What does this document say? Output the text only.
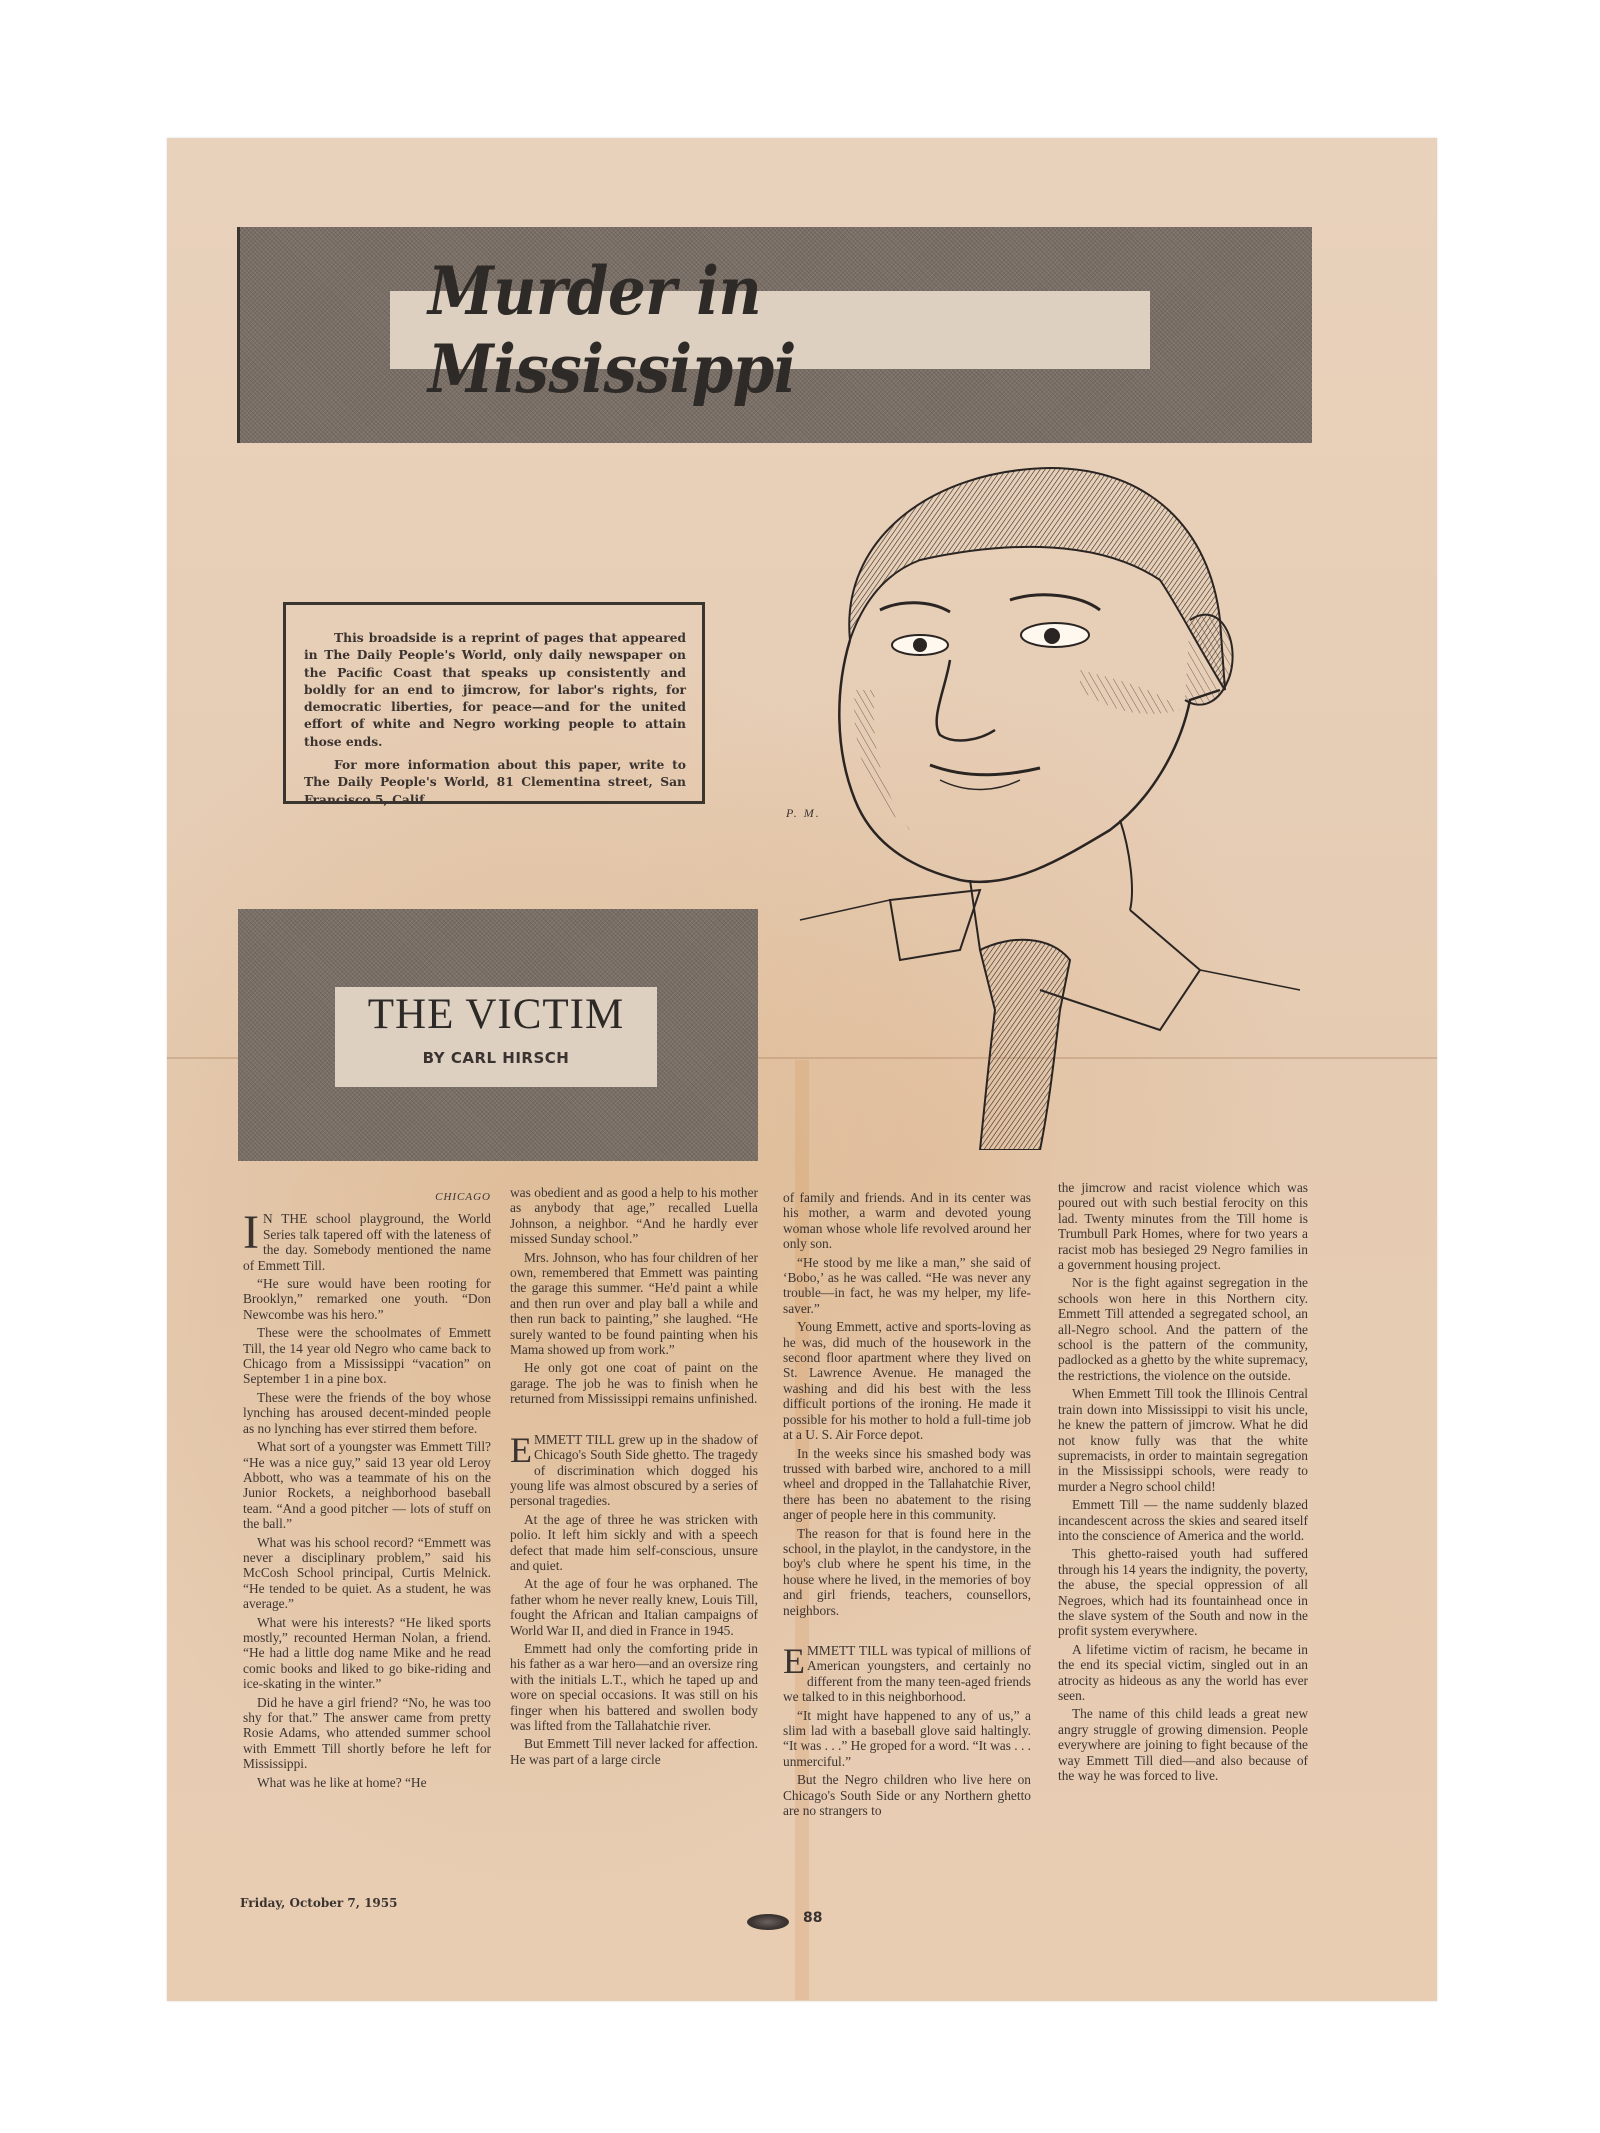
Murder in Mississippi

This broadside is a reprint of pages that appeared in The Daily People's World, only daily newspaper on the Pacific Coast that speaks up consistently and boldly for an end to jimcrow, for labor's rights, for democratic liberties, for peace—and for the united effort of white and Negro working people to attain those ends.

For more information about this paper, write to The Daily People's World, 81 Clementina street, San Francisco 5, Calif.

P. M.
THE VICTIM
BY CARL HIRSCH
CHICAGO

I N THE school playground, the World Series talk tapered off with the lateness of the day. Somebody mentioned the name of Emmett Till.

“He sure would have been rooting for Brooklyn,” remarked one youth. “Don Newcombe was his hero.”

These were the schoolmates of Emmett Till, the 14 year old Negro who came back to Chicago from a Mississippi “vacation” on September 1 in a pine box.

These were the friends of the boy whose lynching has aroused decent-minded people as no lynching has ever stirred them before.

What sort of a youngster was Emmett Till? “He was a nice guy,” said 13 year old Leroy Abbott, who was a teammate of his on the Junior Rockets, a neighborhood baseball team. “And a good pitcher — lots of stuff on the ball.”

What was his school record? “Emmett was never a disciplinary problem,” said his McCosh School principal, Curtis Melnick. “He tended to be quiet. As a student, he was average.”

What were his interests? “He liked sports mostly,” recounted Herman Nolan, a friend. “He had a little dog name Mike and he read comic books and liked to go bike-riding and ice-skating in the winter.”

Did he have a girl friend? “No, he was too shy for that.” The answer came from pretty Rosie Adams, who attended summer school with Emmett Till shortly before he left for Mississippi.

What was he like at home? “He

was obedient and as good a help to his mother as anybody that age,” recalled Luella Johnson, a neighbor. “And he hardly ever missed Sunday school.”

Mrs. Johnson, who has four children of her own, remembered that Emmett was painting the garage this summer. “He'd paint a while and then run over and play ball a while and then run back to painting,” she laughed. “He surely wanted to be found painting when his Mama showed up from work.”

He only got one coat of paint on the garage. The job he was to finish when he returned from Mississippi remains unfinished.

EMMETT TILL grew up in the shadow of Chicago's South Side ghetto. The tragedy of discrimination which dogged his young life was almost obscured by a series of personal tragedies.

At the age of three he was stricken with polio. It left him sickly and with a speech defect that made him self-conscious, unsure and quiet.

At the age of four he was orphaned. The father whom he never really knew, Louis Till, fought the African and Italian campaigns of World War II, and died in France in 1945.

Emmett had only the comforting pride in his father as a war hero—and an oversize ring with the initials L.T., which he taped up and wore on special occasions. It was still on his finger when his battered and swollen body was lifted from the Tallahatchie river.

But Emmett Till never lacked for affection. He was part of a large circle

of family and friends. And in its center was his mother, a warm and devoted young woman whose whole life revolved around her only son.

“He stood by me like a man,” she said of ‘Bobo,’ as he was called. “He was never any trouble—in fact, he was my helper, my life-saver.”

Young Emmett, active and sports-loving as he was, did much of the housework in the second floor apartment where they lived on St. Lawrence Avenue. He managed the washing and did his best with the less difficult portions of the ironing. He made it possible for his mother to hold a full-time job at a U. S. Air Force depot.

In the weeks since his smashed body was trussed with barbed wire, anchored to a mill wheel and dropped in the Tallahatchie River, there has been no abatement to the rising anger of people here in this community.

The reason for that is found here in the school, in the playlot, in the candystore, in the boy's club where he spent his time, in the house where he lived, in the memories of boy and girl friends, teachers, counsellors, neighbors.

EMMETT TILL was typical of millions of American youngsters, and certainly no different from the many teen-aged friends we talked to in this neighborhood.

“It might have happened to any of us,” a slim lad with a baseball glove said haltingly. “It was . . .” He groped for a word. “It was . . . unmerciful.”

But the Negro children who live here on Chicago's South Side or any Northern ghetto are no strangers to

the jimcrow and racist violence which was poured out with such bestial ferocity on this lad. Twenty minutes from the Till home is Trumbull Park Homes, where for two years a racist mob has besieged 29 Negro families in a government housing project.

Nor is the fight against segregation in the schools won here in this Northern city. Emmett Till attended a segregated school, an all-Negro school. And the pattern of the school is the pattern of the community, padlocked as a ghetto by the white supremacy, the restrictions, the violence on the outside.

When Emmett Till took the Illinois Central train down into Mississippi to visit his uncle, he knew the pattern of jimcrow. What he did not know fully was that the white supremacists, in order to maintain segregation in the Mississippi schools, were ready to murder a Negro school child!

Emmett Till — the name suddenly blazed incandescent across the skies and seared itself into the conscience of America and the world.

This ghetto-raised youth had suffered through his 14 years the indignity, the poverty, the abuse, the special oppression of all Negroes, which had its fountainhead once in the slave system of the South and now in the profit system everywhere.

A lifetime victim of racism, he became in the end its special victim, singled out in an atrocity as hideous as any the world has ever seen.

The name of this child leads a great new angry struggle of growing dimension. People everywhere are joining to fight because of the way Emmett Till died—and also because of the way he was forced to live.

Friday, October 7, 1955
88
